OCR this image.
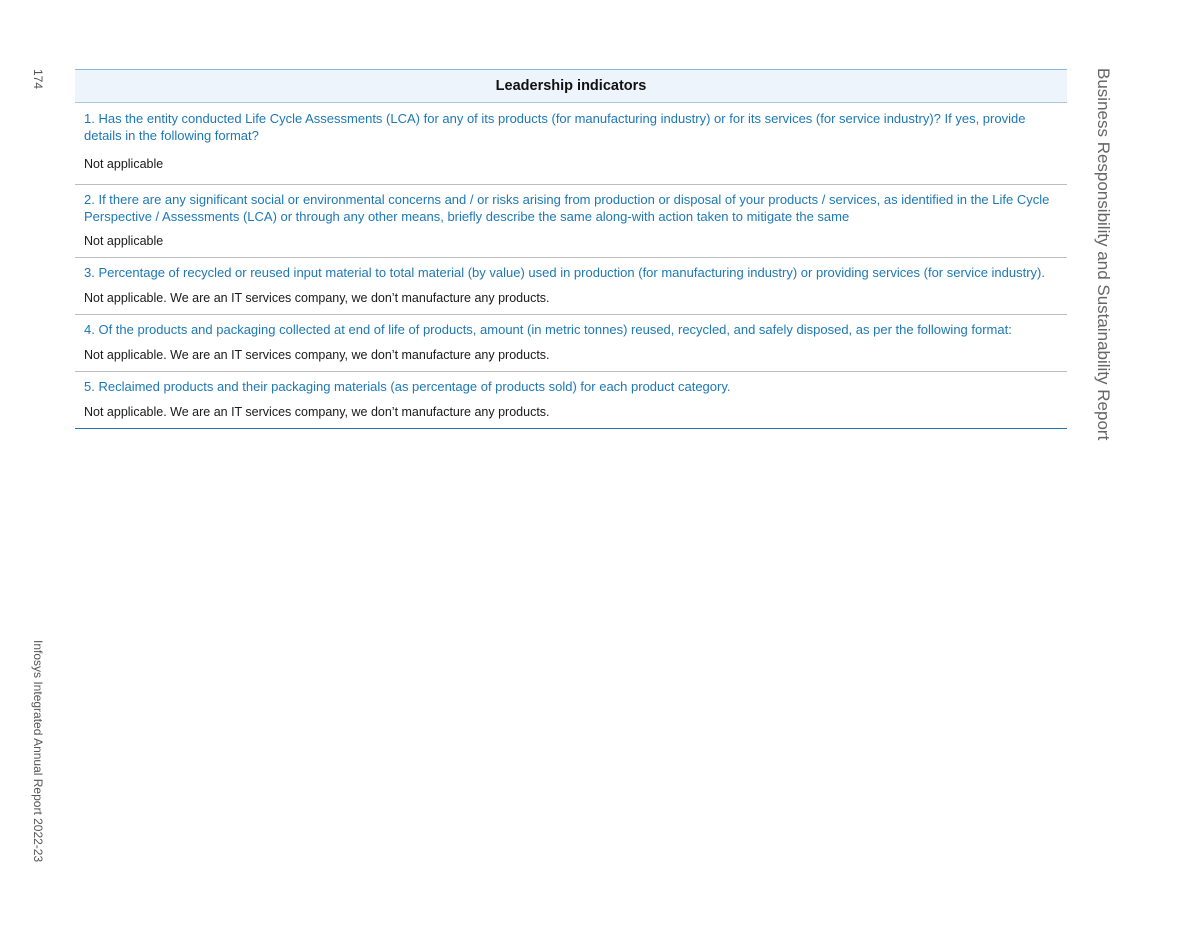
174
Infosys Integrated Annual Report 2022-23
Business Responsibility and Sustainability Report
Leadership indicators

1. Has the entity conducted Life Cycle Assessments (LCA) for any of its products (for manufacturing industry) or for its services (for service industry)? If yes, provide details in the following format?

Not applicable

2. If there are any significant social or environmental concerns and / or risks arising from production or disposal of your products / services, as identified in the Life Cycle Perspective / Assessments (LCA) or through any other means, briefly describe the same along-with action taken to mitigate the same

Not applicable

3. Percentage of recycled or reused input material to total material (by value) used in production (for manufacturing industry) or providing services (for service industry).

Not applicable. We are an IT services company, we don’t manufacture any products.

4. Of the products and packaging collected at end of life of products, amount (in metric tonnes) reused, recycled, and safely disposed, as per the following format:

Not applicable. We are an IT services company, we don’t manufacture any products.

5. Reclaimed products and their packaging materials (as percentage of products sold) for each product category.

Not applicable. We are an IT services company, we don’t manufacture any products.
